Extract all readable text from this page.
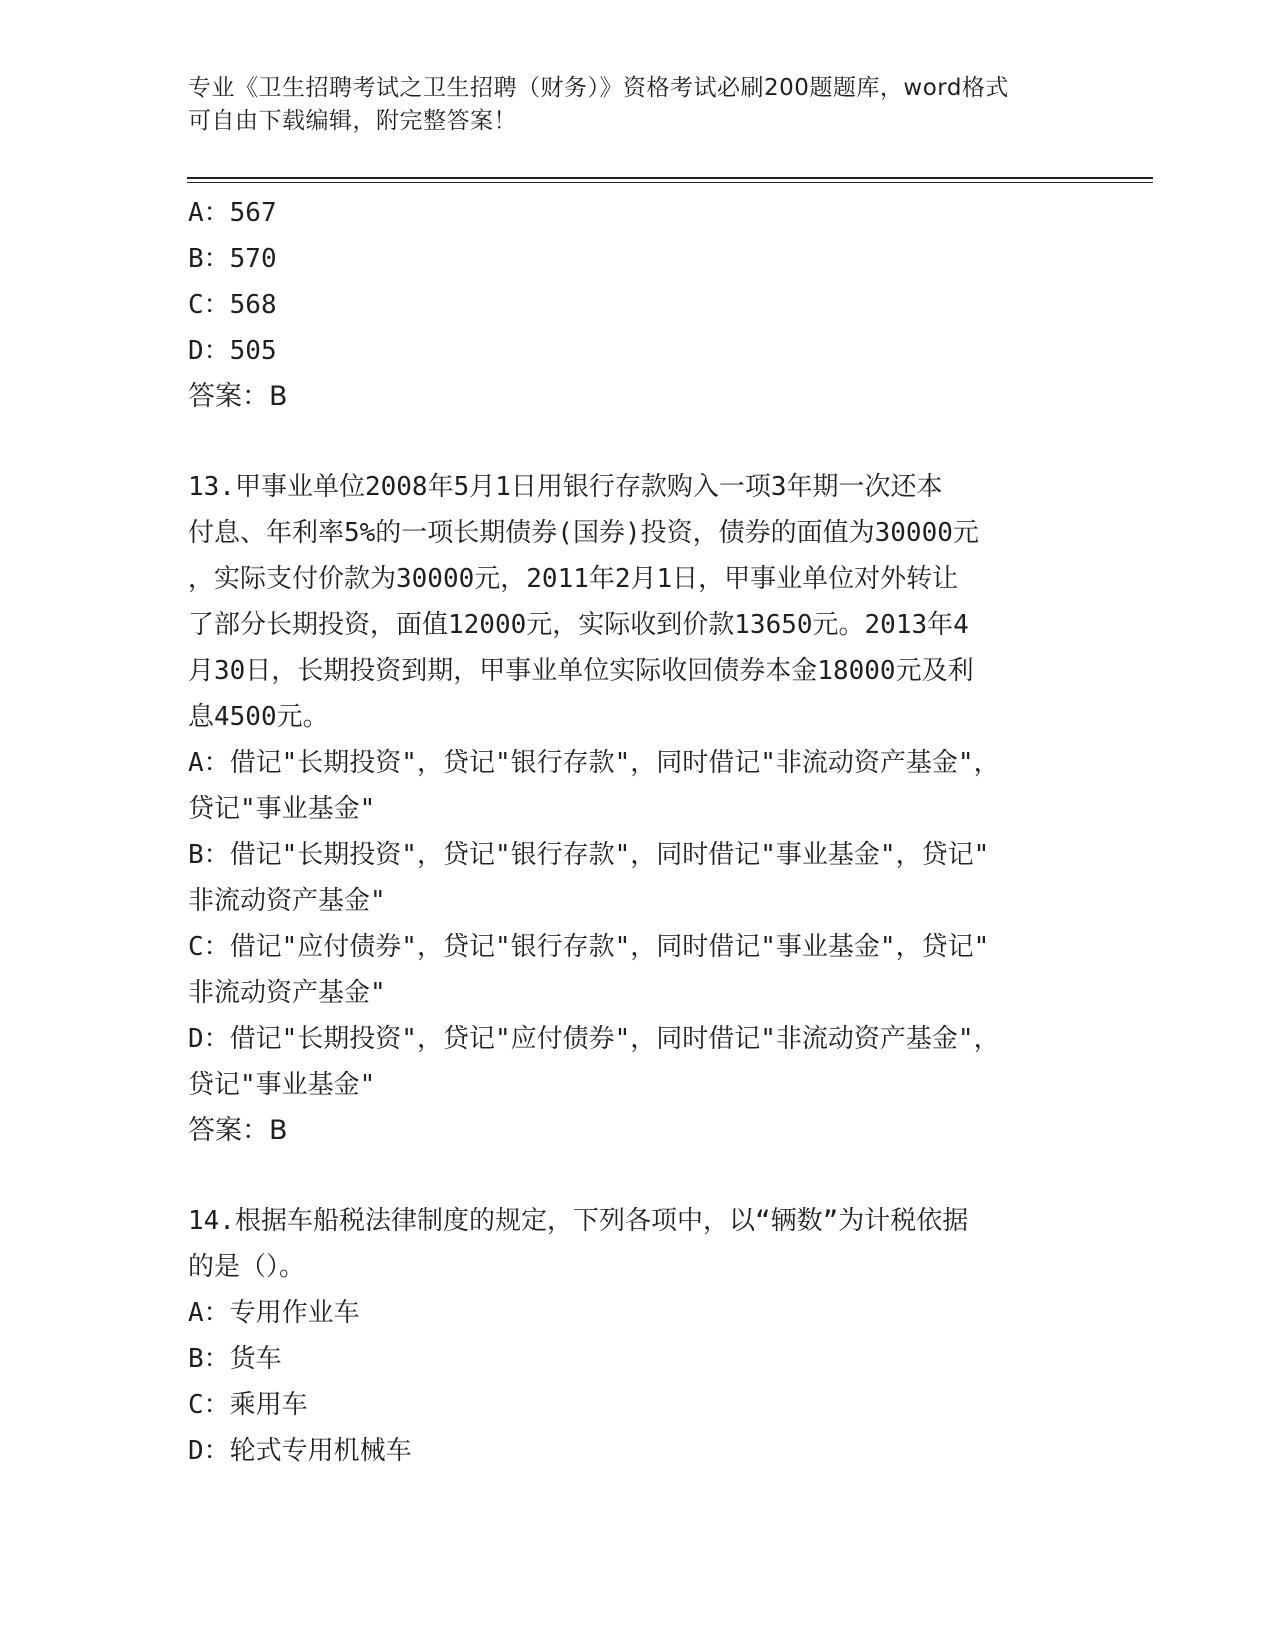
专业《卫生招聘考试之卫生招聘（财务）》资格考试必刷200题题库，word格式
可自由下载编辑，附完整答案！
A：567
B：570
C：568
D：505
答案：B
13.甲事业单位2008年5月1日用银行存款购入一项3年期一次还本
付息、年利率5%的一项长期债券(国券)投资，债券的面值为30000元
，实际支付价款为30000元，2011年2月1日，甲事业单位对外转让
了部分长期投资，面值12000元，实际收到价款13650元。2013年4
月30日，长期投资到期，甲事业单位实际收回债券本金18000元及利
息4500元。
A：借记"长期投资"，贷记"银行存款"，同时借记"非流动资产基金"，
贷记"事业基金"
B：借记"长期投资"，贷记"银行存款"，同时借记"事业基金"，贷记"
非流动资产基金"
C：借记"应付债券"，贷记"银行存款"，同时借记"事业基金"，贷记"
非流动资产基金"
D：借记"长期投资"，贷记"应付债券"，同时借记"非流动资产基金"，
贷记"事业基金"
答案：B
14.根据车船税法律制度的规定，下列各项中，以“辆数”为计税依据
的是（）。
A：专用作业车
B：货车
C：乘用车
D：轮式专用机械车
